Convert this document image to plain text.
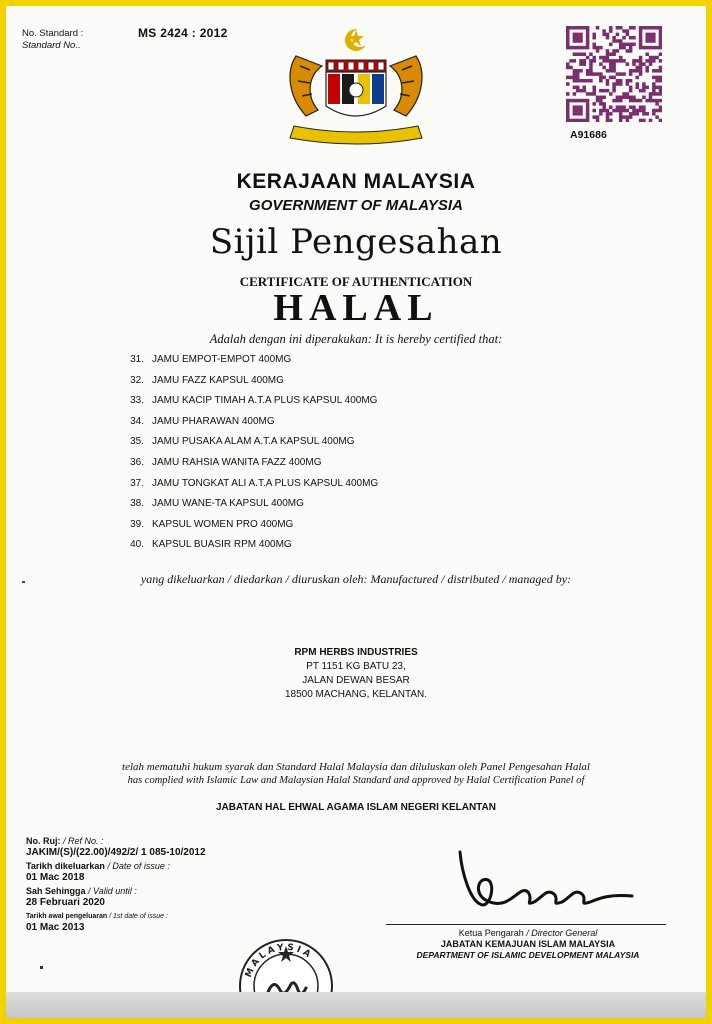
No. Standard :
Standard No..
MS 2424 : 2012
A91686
KERAJAAN MALAYSIA
GOVERNMENT OF MALAYSIA
Sijil Pengesahan
CERTIFICATE OF AUTHENTICATION
HALAL
Adalah dengan ini diperakukan: It is hereby certified that:
31. JAMU EMPOT-EMPOT 400MG
32. JAMU FAZZ KAPSUL 400MG
33. JAMU KACIP TIMAH A.T.A PLUS KAPSUL 400MG
34. JAMU PHARAWAN 400MG
35. JAMU PUSAKA ALAM A.T.A KAPSUL 400MG
36. JAMU RAHSIA WANITA FAZZ 400MG
37. JAMU TONGKAT ALI A.T.A PLUS KAPSUL 400MG
38. JAMU WANE-TA KAPSUL 400MG
39. KAPSUL WOMEN PRO 400MG
40. KAPSUL BUASIR RPM 400MG
yang dikeluarkan / diedarkan / diuruskan oleh: Manufactured / distributed / managed by:
RPM HERBS INDUSTRIES
PT 1151 KG BATU 23,
JALAN DEWAN BESAR
18500 MACHANG, KELANTAN.
telah mematuhi hukum syarak dan Standard Halal Malaysia dan diluluskan oleh Panel Pengesahan Halal
has complied with Islamic Law and Malaysian Halal Standard and approved by Halal Certification Panel of
JABATAN HAL EHWAL AGAMA ISLAM NEGERI KELANTAN
No. Ruj: / Ref No. :
JAKIM/(S)/(22.00)/492/2/ 1 085-10/2012
Tarikh dikeluarkan / Date of issue :
01 Mac 2018
Sah Sehingga / Valid until :
28 Februari 2020
Tarikh awal pengeluaran / 1st date of issue :
01 Mac 2013	Ketua Pengarah / Director General
JABATAN KEMAJUAN ISLAM MALAYSIA
DEPARTMENT OF ISLAMIC DEVELOPMENT MALAYSIA
MALAYSIA
